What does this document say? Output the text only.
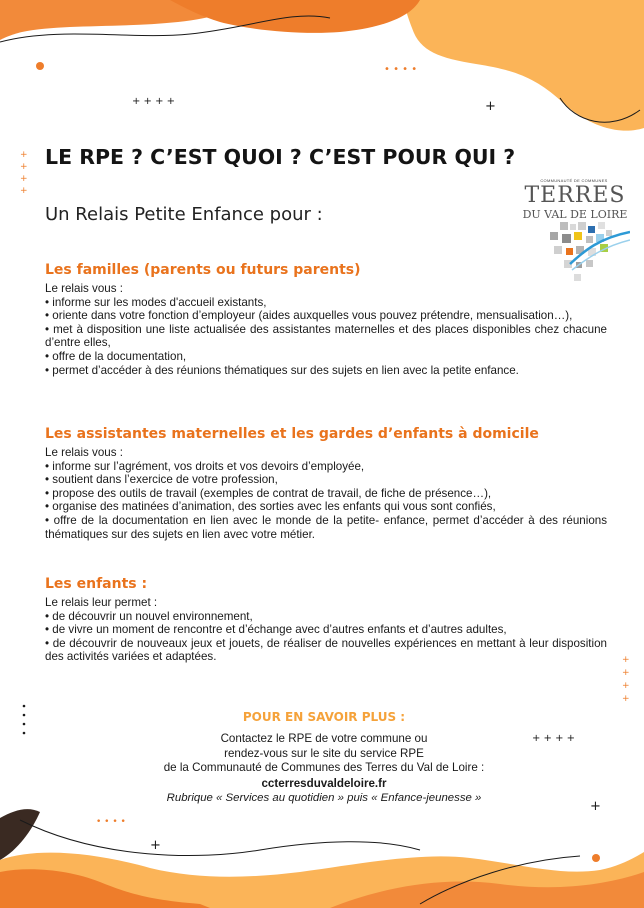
• • • •
+ + + +	+
+
+
+
+
+
+
+
+
+ + + +
• • • •
+
+
LE RPE ? C’EST QUOI ? C’EST POUR QUI ?
Un Relais Petite Enfance pour :
COMMUNAUTÉ DE COMMUNES
TERRES
DU VAL DE LOIRE
Les familles (parents ou futurs parents)
Le relais vous :
• informe sur les modes d'accueil existants,
• oriente dans votre fonction d’employeur (aides auxquelles vous pouvez prétendre, mensualisation…),
• met à disposition une liste actualisée des assistantes maternelles et des places disponibles chez chacune d’entre elles,
• offre de la documentation,
• permet d’accéder à des réunions thématiques sur des sujets en lien avec la petite enfance.
Les assistantes maternelles et les gardes d’enfants à domicile
Le relais vous :
• informe sur l’agrément, vos droits et vos devoirs d’employée,
• soutient dans l’exercice de votre profession,
• propose des outils de travail (exemples de contrat de travail, de fiche de présence…),
• organise des matinées d’animation, des sorties avec les enfants qui vous sont confiés,
• offre de la documentation en lien avec le monde de la petite- enfance, permet d’accéder à des réunions thématiques sur des sujets en lien avec votre métier.
Les enfants :
Le relais leur permet :
• de découvrir un nouvel environnement,
• de vivre un moment de rencontre et d’échange avec d’autres enfants et d’autres adultes,
• de découvrir de nouveaux jeux et jouets, de réaliser de nouvelles expériences en mettant à leur disposition des activités variées et adaptées.
POUR EN SAVOIR PLUS :
Contactez le RPE de votre commune ou
rendez-vous sur le site du service RPE
de la Communauté de Communes des Terres du Val de Loire :
ccterresduvaldeloire.fr
Rubrique « Services au quotidien » puis « Enfance-jeunesse »
